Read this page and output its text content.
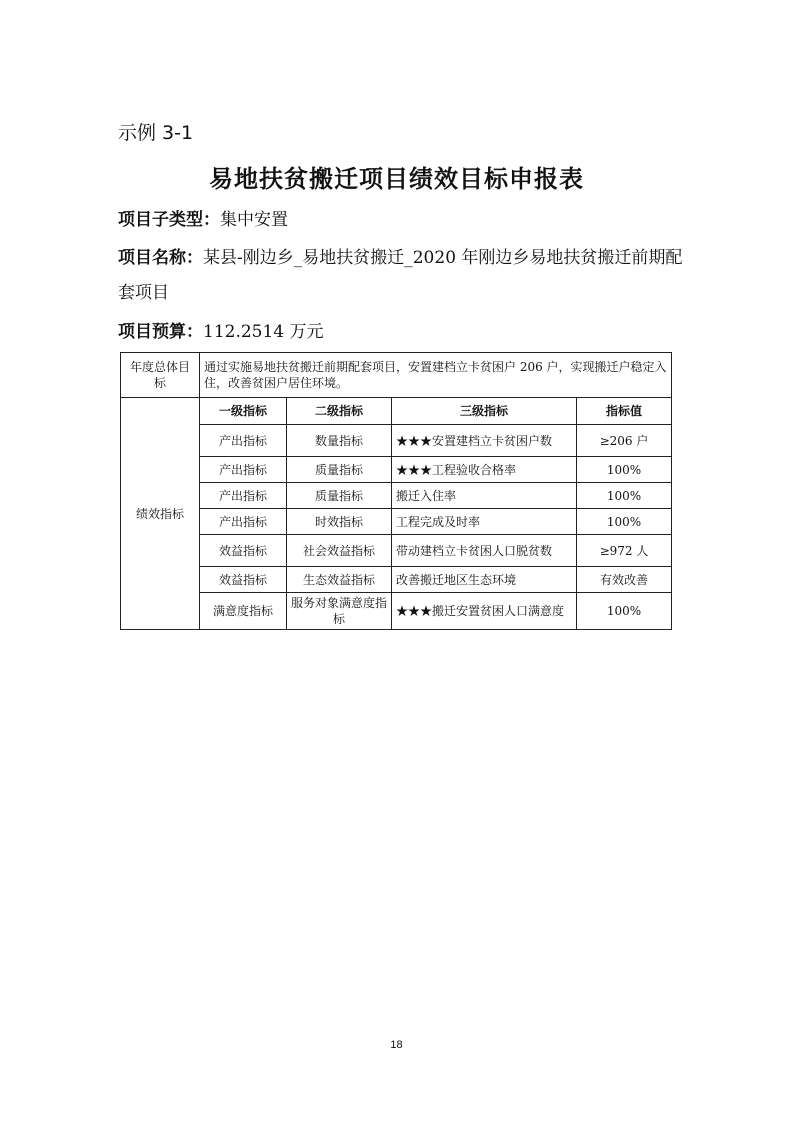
示例 3-1
易地扶贫搬迁项目绩效目标申报表
项目子类型：集中安置
项目名称：某县-刚边乡_易地扶贫搬迁_2020 年刚边乡易地扶贫搬迁前期配套项目
项目预算：112.2514 万元
年度总体目标	通过实施易地扶贫搬迁前期配套项目，安置建档立卡贫困户 206 户，实现搬迁户稳定入住，改善贫困户居住环境。			
绩效指标	一级指标	二级指标	三级指标	指标值
	产出指标	数量指标	★★★安置建档立卡贫困户数	≥206 户
	产出指标	质量指标	★★★工程验收合格率	100%
	产出指标	质量指标	搬迁入住率	100%
	产出指标	时效指标	工程完成及时率	100%
	效益指标	社会效益指标	带动建档立卡贫困人口脱贫数	≥972 人
	效益指标	生态效益指标	改善搬迁地区生态环境	有效改善
	满意度指标	服务对象满意度指标	★★★搬迁安置贫困人口满意度	100%
18
